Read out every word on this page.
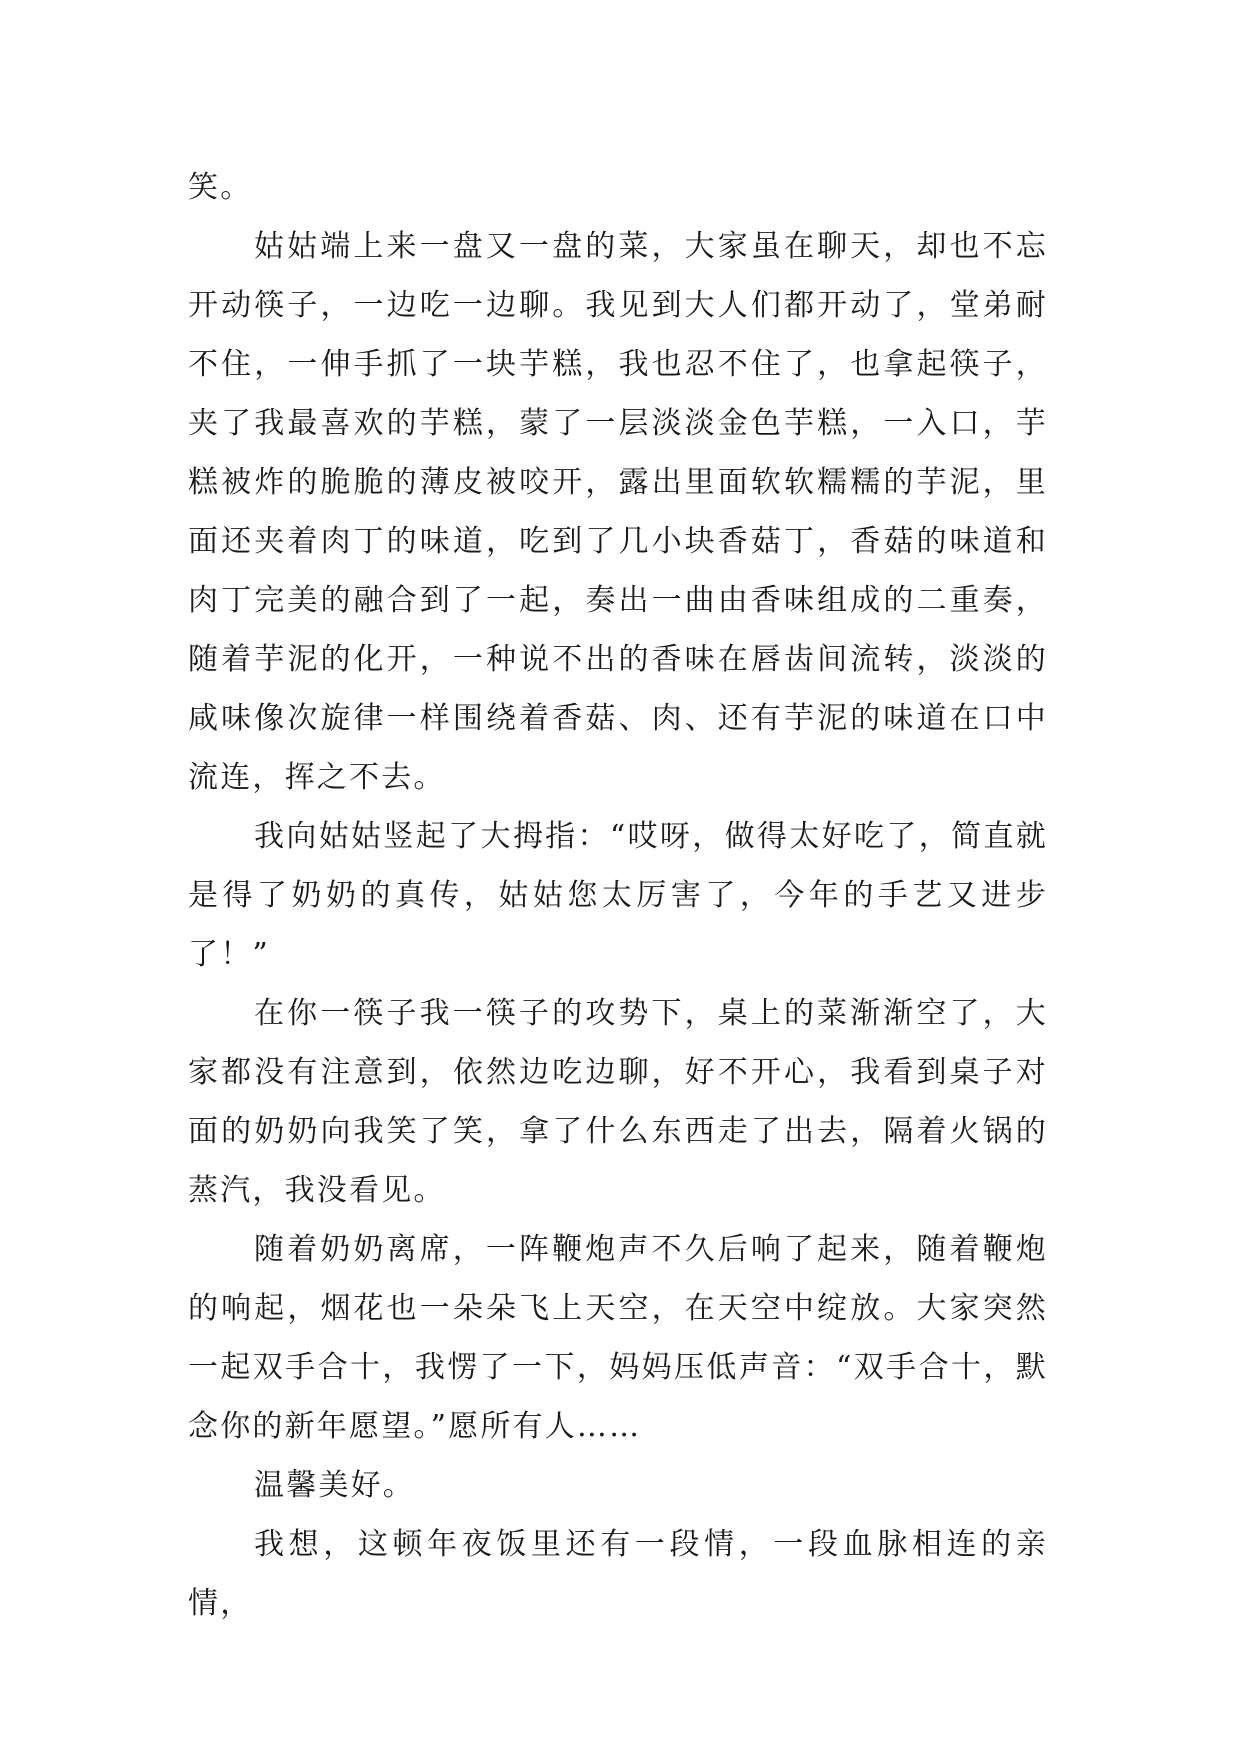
笑。

姑姑端上来一盘又一盘的菜，大家虽在聊天，却也不忘开动筷子，一边吃一边聊。我见到大人们都开动了，堂弟耐不住，一伸手抓了一块芋糕，我也忍不住了，也拿起筷子，夹了我最喜欢的芋糕，蒙了一层淡淡金色芋糕，一入口，芋糕被炸的脆脆的薄皮被咬开，露出里面软软糯糯的芋泥，里面还夹着肉丁的味道，吃到了几小块香菇丁，香菇的味道和肉丁完美的融合到了一起，奏出一曲由香味组成的二重奏，随着芋泥的化开，一种说不出的香味在唇齿间流转，淡淡的咸味像次旋律一样围绕着香菇、肉、还有芋泥的味道在口中流连，挥之不去。

我向姑姑竖起了大拇指：“哎呀，做得太好吃了，简直就是得了奶奶的真传，姑姑您太厉害了，今年的手艺又进步了！”

在你一筷子我一筷子的攻势下，桌上的菜渐渐空了，大家都没有注意到，依然边吃边聊，好不开心，我看到桌子对面的奶奶向我笑了笑，拿了什么东西走了出去，隔着火锅的蒸汽，我没看见。

随着奶奶离席，一阵鞭炮声不久后响了起来，随着鞭炮的响起，烟花也一朵朵飞上天空，在天空中绽放。大家突然一起双手合十，我愣了一下，妈妈压低声音：“双手合十，默念你的新年愿望。”愿所有人……

温馨美好。

我想，这顿年夜饭里还有一段情，一段血脉相连的亲情，
